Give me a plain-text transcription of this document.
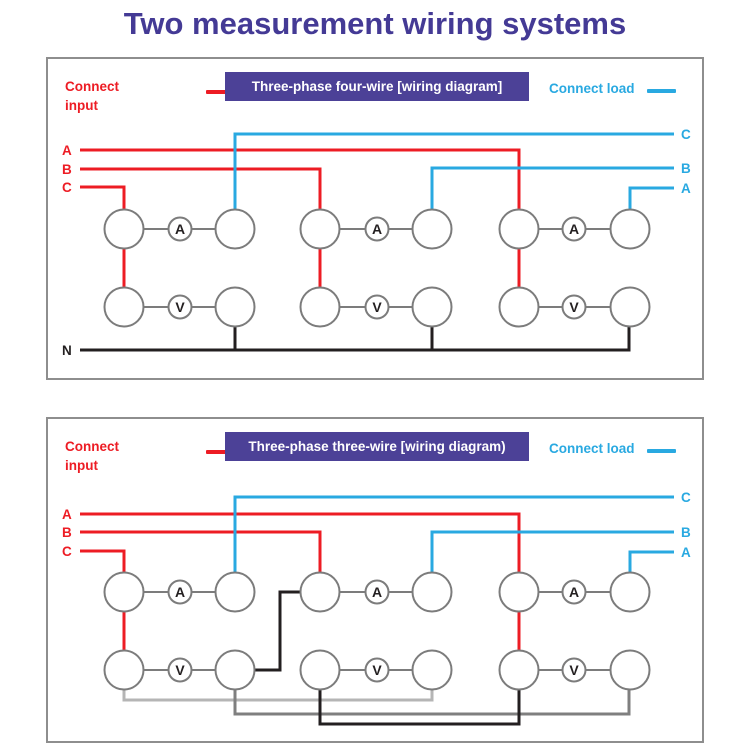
Two measurement wiring systems
Connect input
Three-phase four-wire [wiring diagram]	Connect load
A	A	A
V	V	V
A
B
C
C
B
A
N
Connect input
Three-phase three-wire [wiring diagram)	Connect load
A	A	A
V	V	V
A
B
C
C
B
A
